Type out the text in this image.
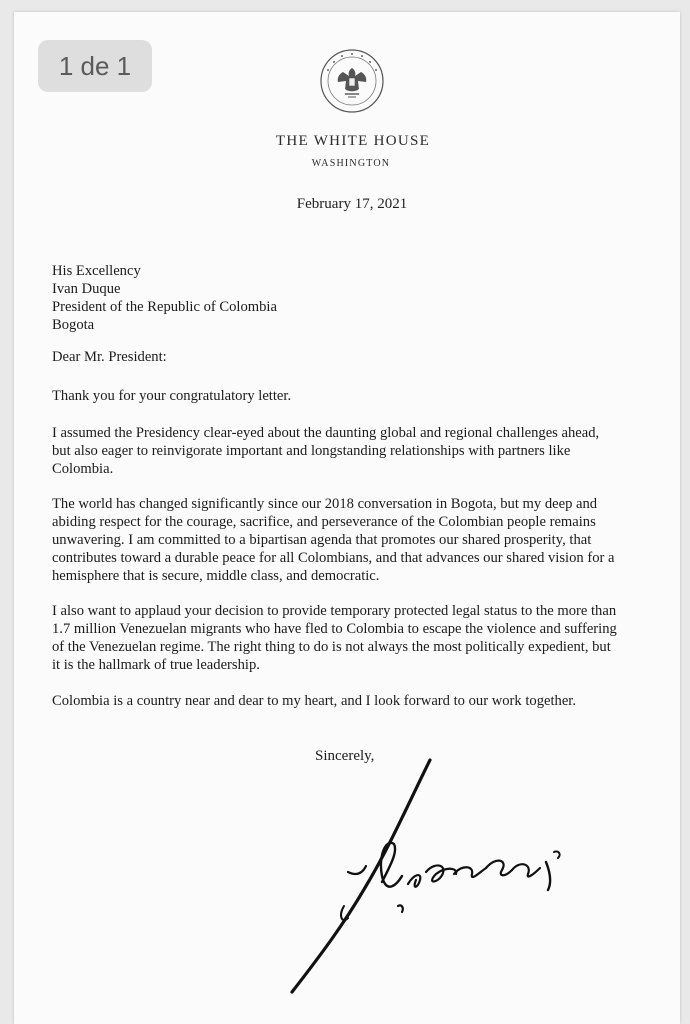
1 de 1
THE WHITE HOUSE
WASHINGTON
February 17, 2021

His Excellency

Ivan Duque

President of the Republic of Colombia

Bogota

Dear Mr. President:

Thank you for your congratulatory letter.

I assumed the Presidency clear-eyed about the daunting global and regional challenges ahead,

but also eager to reinvigorate important and longstanding relationships with partners like

Colombia.

The world has changed significantly since our 2018 conversation in Bogota, but my deep and

abiding respect for the courage, sacrifice, and perseverance of the Colombian people remains

unwavering. I am committed to a bipartisan agenda that promotes our shared prosperity, that

contributes toward a durable peace for all Colombians, and that advances our shared vision for a

hemisphere that is secure, middle class, and democratic.

I also want to applaud your decision to provide temporary protected legal status to the more than

1.7 million Venezuelan migrants who have fled to Colombia to escape the violence and suffering

of the Venezuelan regime. The right thing to do is not always the most politically expedient, but

it is the hallmark of true leadership.

Colombia is a country near and dear to my heart, and I look forward to our work together.

Sincerely,
